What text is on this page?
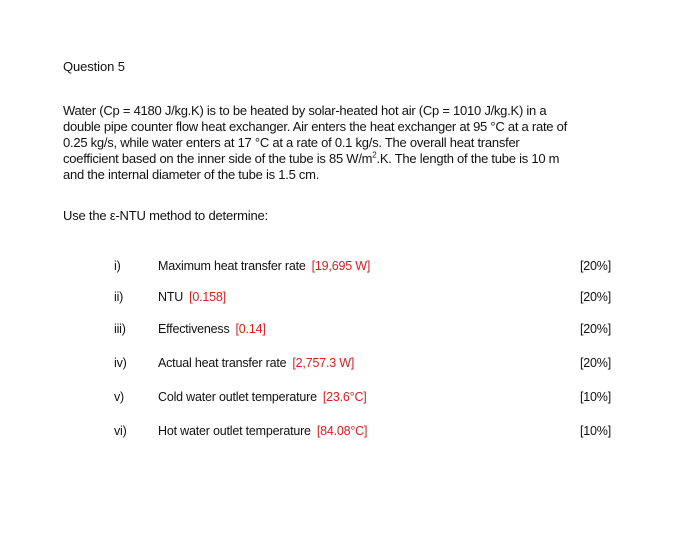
Question 5

Water (Cp = 4180 J/kg.K) is to be heated by solar-heated hot air (Cp = 1010 J/kg.K) in a

double pipe counter flow heat exchanger. Air enters the heat exchanger at 95 °C at a rate of

0.25 kg/s, while water enters at 17 °C at a rate of 0.1 kg/s. The overall heat transfer

coefficient based on the inner side of the tube is 85 $W/m^2.K$. The length of the tube is 10 m

and the internal diameter of the tube is 1.5 cm.

Use the ε-NTU method to determine:
i)	Maximum heat transfer rate [19,695 W]	[20%]
ii)	NTU [0.158]	[20%]
iii)	Effectiveness [0.14]	[20%]
iv)	Actual heat transfer rate [2,757.3 W]	[20%]
v)	Cold water outlet temperature [23.6°C]	[10%]
vi)	Hot water outlet temperature [84.08°C]	[10%]
